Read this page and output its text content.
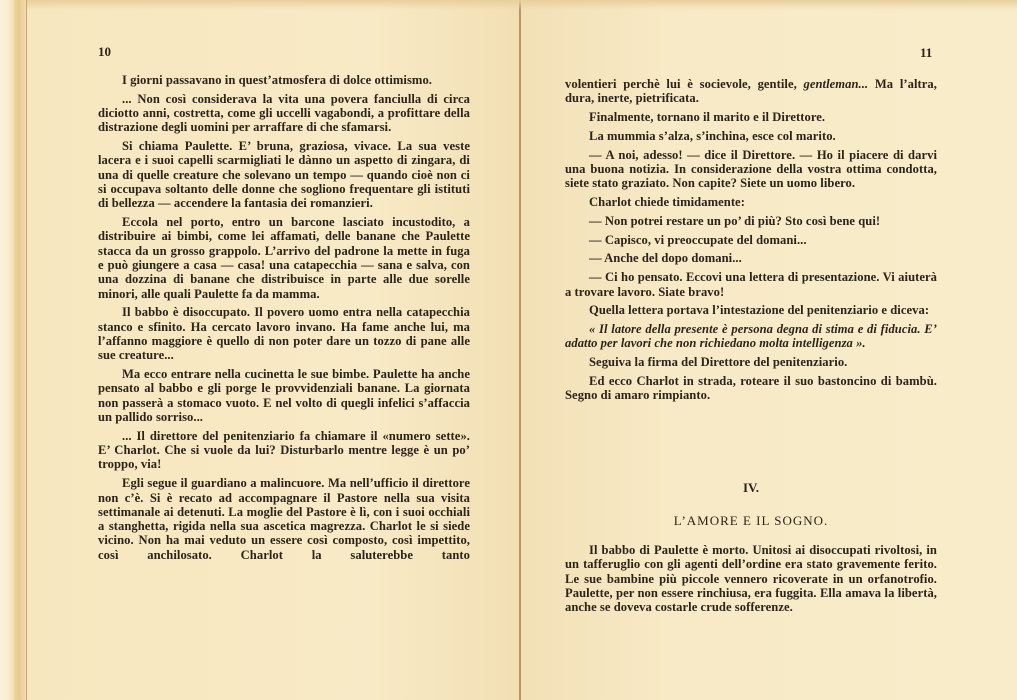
10

I giorni passavano in quest’atmosfera di dolce ottimismo.

... Non così considerava la vita una povera fanciulla di circa diciotto anni, costretta, come gli uccelli vagabondi, a profittare della distrazione degli uomini per arraffare di che sfamarsi.

Si chiama Paulette. E’ bruna, graziosa, vivace. La sua veste lacera e i suoi capelli scarmigliati le dànno un aspetto di zingara, di una di quelle creature che solevano un tempo — quando cioè non ci si occupava soltanto delle donne che sogliono frequentare gli istituti di bellezza — accendere la fantasia dei romanzieri.

Eccola nel porto, entro un barcone lasciato incustodito, a distribuire ai bimbi, come lei affamati, delle banane che Paulette stacca da un grosso grappolo. L’arrivo del padrone la mette in fuga e può giungere a casa — casa! una catapecchia — sana e salva, con una dozzina di banane che distribuisce in parte alle due sorelle minori, alle quali Paulette fa da mamma.

Il babbo è disoccupato. Il povero uomo entra nella catapecchia stanco e sfinito. Ha cercato lavoro invano. Ha fame anche lui, ma l’affanno maggiore è quello di non poter dare un tozzo di pane alle sue creature...

Ma ecco entrare nella cucinetta le sue bimbe. Paulette ha anche pensato al babbo e gli porge le provvidenziali banane. La giornata non passerà a stomaco vuoto. E nel volto di quegli infelici s’affaccia un pallido sorriso...

... Il direttore del penitenziario fa chiamare il «numero sette». E’ Charlot. Che si vuole da lui? Disturbarlo mentre legge è un po’ troppo, via!

Egli segue il guardiano a malincuore. Ma nell’ufficio il direttore non c’è. Si è recato ad accompagnare il Pastore nella sua visita settimanale ai detenuti. La moglie del Pastore è lì, con i suoi occhiali a stanghetta, rigida nella sua ascetica magrezza. Charlot le si siede vicino. Non ha mai veduto un essere così composto, così impettito, così anchilosato. Charlot la saluterebbe tanto

11

volentieri perchè lui è socievole, gentile, gentleman... Ma l’altra, dura, inerte, pietrificata.

Finalmente, tornano il marito e il Direttore.

La mummia s’alza, s’inchina, esce col marito.

— A noi, adesso! — dice il Direttore. — Ho il piacere di darvi una buona notizia. In considerazione della vostra ottima condotta, siete stato graziato. Non capite? Siete un uomo libero.

Charlot chiede timidamente:

— Non potrei restare un po’ di più? Sto così bene qui!

— Capisco, vi preoccupate del domani...

— Anche del dopo domani...

— Ci ho pensato. Eccovi una lettera di presentazione. Vi aiuterà a trovare lavoro. Siate bravo!

Quella lettera portava l’intestazione del penitenziario e diceva:

« Il latore della presente è persona degna di stima e di fiducia. E’ adatto per lavori che non richiedano molta intelligenza ».

Seguiva la firma del Direttore del penitenziario.

Ed ecco Charlot in strada, roteare il suo bastoncino di bambù. Segno di amaro rimpianto.

IV.
L’AMORE E IL SOGNO.

Il babbo di Paulette è morto. Unitosi ai disoccupati rivoltosi, in un tafferuglio con gli agenti dell’ordine era stato gravemente ferito. Le sue bambine più piccole vennero ricoverate in un orfanotrofio. Paulette, per non essere rinchiusa, era fuggita. Ella amava la libertà, anche se doveva costarle crude sofferenze.
